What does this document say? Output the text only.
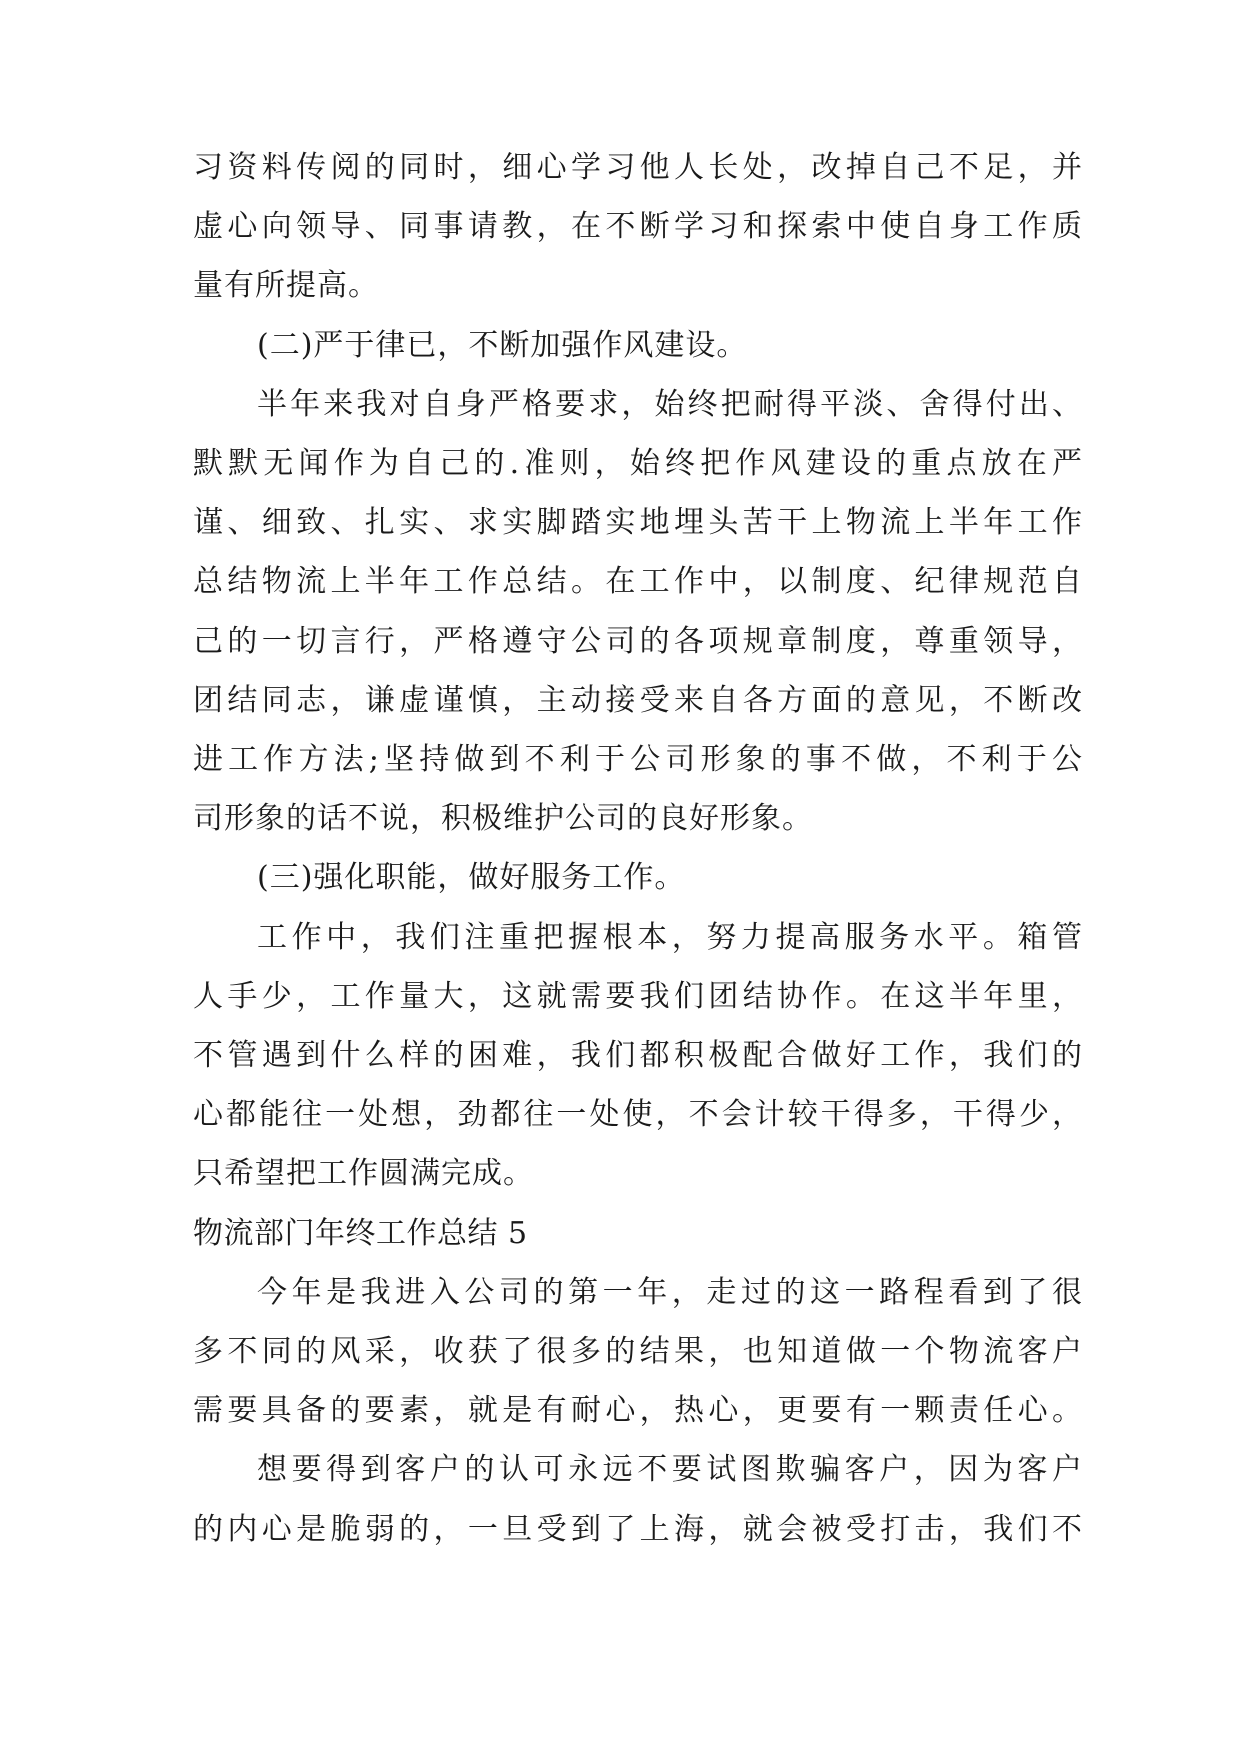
习资料传阅的同时，细心学习他人长处，改掉自己不足，并
虚心向领导、同事请教，在不断学习和探索中使自身工作质
量有所提高。
(二)严于律已，不断加强作风建设。
半年来我对自身严格要求，始终把耐得平淡、舍得付出、
默默无闻作为自己的.准则，始终把作风建设的重点放在严
谨、细致、扎实、求实脚踏实地埋头苦干上物流上半年工作
总结物流上半年工作总结。在工作中，以制度、纪律规范自
己的一切言行，严格遵守公司的各项规章制度，尊重领导，
团结同志，谦虚谨慎，主动接受来自各方面的意见，不断改
进工作方法;坚持做到不利于公司形象的事不做，不利于公
司形象的话不说，积极维护公司的良好形象。
(三)强化职能，做好服务工作。
工作中，我们注重把握根本，努力提高服务水平。箱管
人手少，工作量大，这就需要我们团结协作。在这半年里，
不管遇到什么样的困难，我们都积极配合做好工作，我们的
心都能往一处想，劲都往一处使，不会计较干得多，干得少，
只希望把工作圆满完成。
物流部门年终工作总结 5
今年是我进入公司的第一年，走过的这一路程看到了很
多不同的风采，收获了很多的结果，也知道做一个物流客户
需要具备的要素，就是有耐心，热心，更要有一颗责任心。
想要得到客户的认可永远不要试图欺骗客户，因为客户
的内心是脆弱的，一旦受到了上海，就会被受打击，我们不
